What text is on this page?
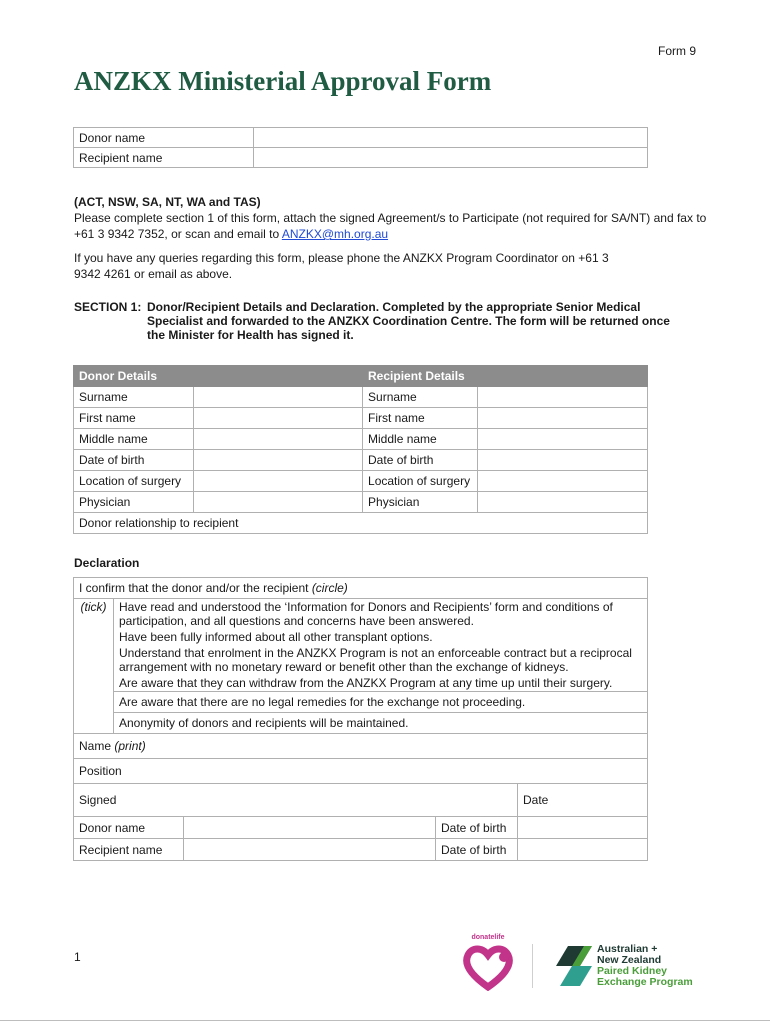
Form 9
ANZKX Ministerial Approval Form
Donor name	
Recipient name	

(ACT, NSW, SA, NT, WA and TAS)
Please complete section 1 of this form, attach the signed Agreement/s to Participate (not required for SA/NT) and fax to +61 3 9342 7352, or scan and email to ANZKX@mh.org.au

If you have any queries regarding this form, please phone the ANZKX Program Coordinator on +61 3 9342 4261 or email as above.

SECTION 1: Donor/Recipient Details and Declaration. Completed by the appropriate Senior Medical Specialist and forwarded to the ANZKX Coordination Centre. The form will be returned once the Minister for Health has signed it.
Donor Details		Recipient Details	
Surname		Surname	
First name		First name	
Middle name		Middle name	
Date of birth		Date of birth	
Location of surgery		Location of surgery	
Physician		Physician	
Donor relationship to recipient			
Declaration
I confirm that the donor and/or the recipient (circle)				
(tick)	Have read and understood the ‘Information for Donors and Recipients’ form and conditions of participation, and all questions and concerns have been answered.			
	Have been fully informed about all other transplant options.			
	Understand that enrolment in the ANZKX Program is not an enforceable contract but a reciprocal arrangement with no monetary reward or benefit other than the exchange of kidneys.			
	Are aware that they can withdraw from the ANZKX Program at any time up until their surgery.			
	Are aware that there are no legal remedies for the exchange not proceeding.			
	Anonymity of donors and recipients will be maintained.			
Name (print)				
Position				
Signed				Date
Donor name			Date of birth	
Recipient name			Date of birth	
1
donatelife
Australian +
New Zealand
Paired Kidney
Exchange Program
